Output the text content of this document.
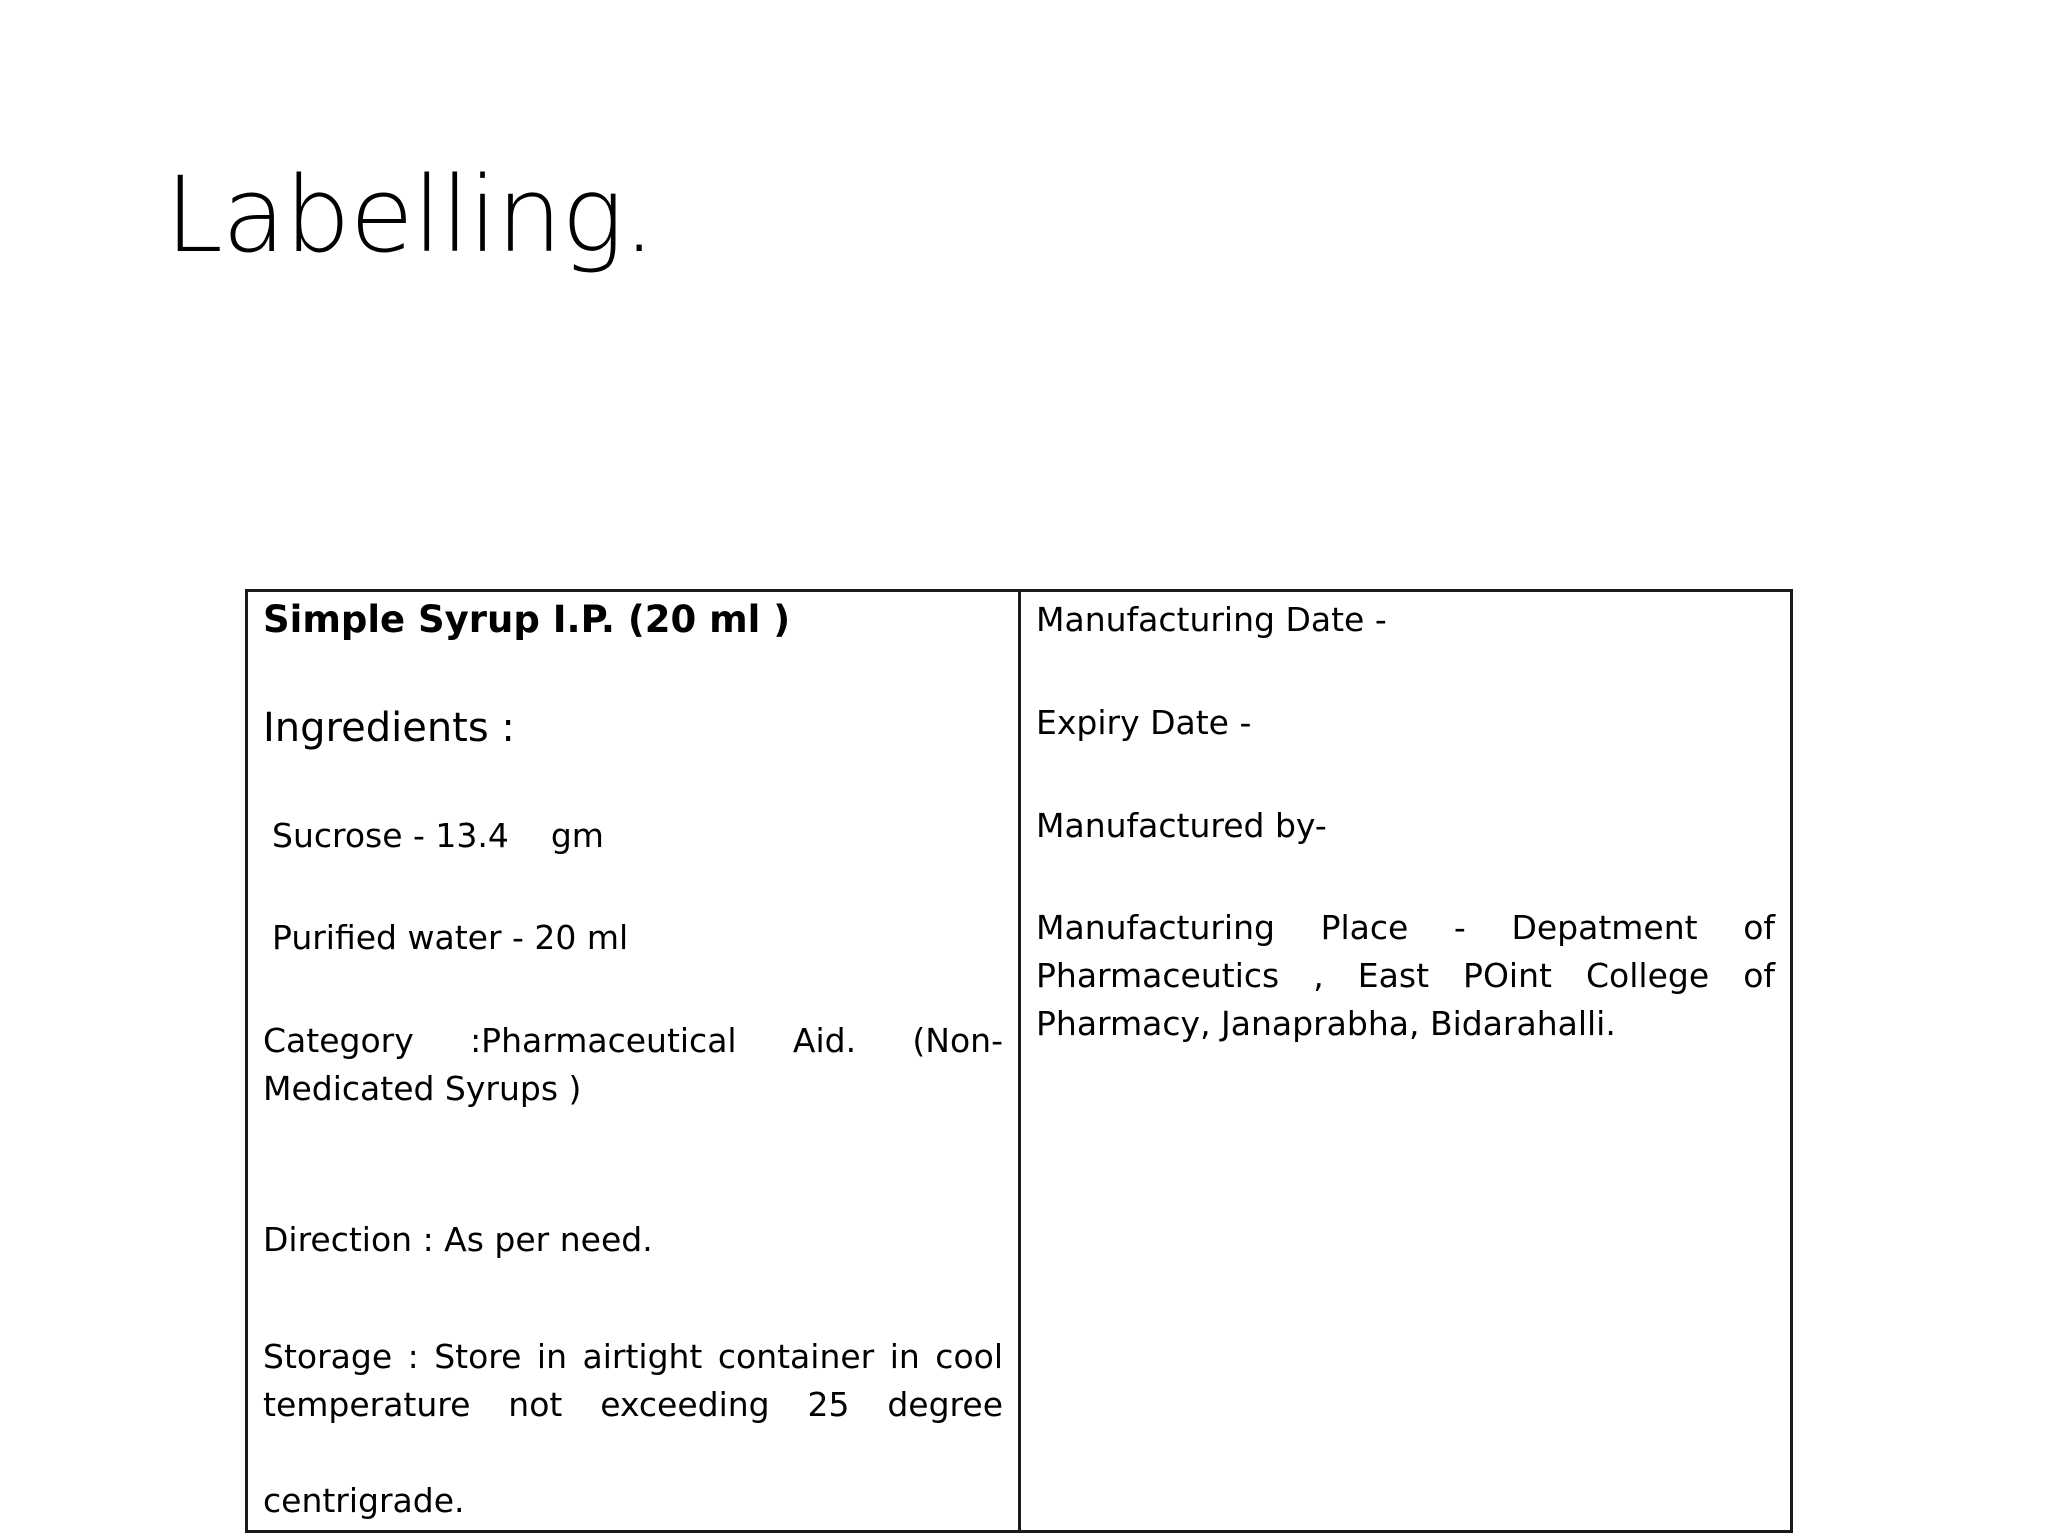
Labelling.

Simple Syrup I.P. (20 ml )

Ingredients :

Sucrose - 13.4    gm

Purified water - 20 ml

Category :Pharmaceutical Aid. (Non-

Medicated Syrups )

Direction : As per need.

Storage : Store in airtight container in cool

temperature not exceeding 25 degree

centrigrade.

Manufacturing Date -

Expiry Date -

Manufactured by-

Manufacturing Place - Depatment of

Pharmaceutics , East POint College of

Pharmacy, Janaprabha, Bidarahalli.
